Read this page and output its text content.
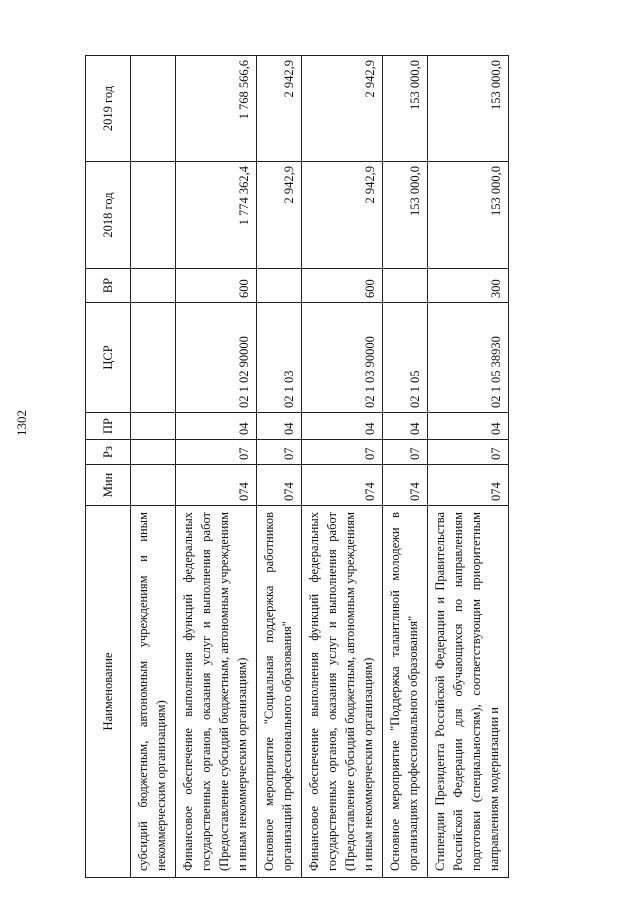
1302
Наименование	Мин	Рз	ПР	ЦСР	ВР	2018 год	2019 год
субсидий бюджетным, автономным учреждениям и иным некоммерческим организациям)							
Финансовое обеспечение выполнения функций федеральных государственных органов, оказания услуг и выполнения работ (Предоставление субсидий бюджетным, автономным учреждениям и иным некоммерческим организациям)	074	07	04	02 1 02 90000	600	1 774 362,4	1 768 566,6
Основное мероприятие "Социальная поддержка работников организаций профессионального образования"	074	07	04	02 1 03		2 942,9	2 942,9
Финансовое обеспечение выполнения функций федеральных государственных органов, оказания услуг и выполнения работ (Предоставление субсидий бюджетным, автономным учреждениям и иным некоммерческим организациям)	074	07	04	02 1 03 90000	600	2 942,9	2 942,9
Основное мероприятие "Поддержка талантливой молодежи в организациях профессионального образования"	074	07	04	02 1 05		153 000,0	153 000,0
Стипендии Президента Российской Федерации и Правительства Российской Федерации для обучающихся по направлениям подготовки (специальностям), соответствующим приоритетным направлениям модернизации и	074	07	04	02 1 05 38930	300	153 000,0	153 000,0
